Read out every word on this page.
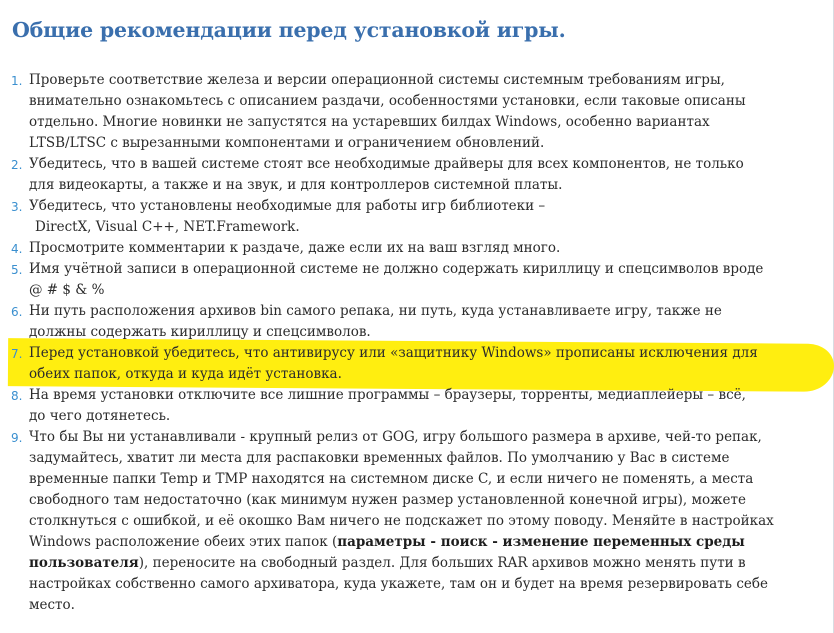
Общие рекомендации перед установкой игры.
1. Проверьте соответствие железа и версии операционной системы системным требованиям игры,
внимательно ознакомьтесь с описанием раздачи, особенностями установки, если таковые описаны
отдельно. Многие новинки не запустятся на устаревших билдах Windows, особенно вариантах
LTSB/LTSC с вырезанными компонентами и ограничением обновлений.
2. Убедитесь, что в вашей системе стоят все необходимые драйверы для всех компонентов, не только
для видеокарты, а также и на звук, и для контроллеров системной платы.
3. Убедитесь, что установлены необходимые для работы игр библиотеки –
DirectX, Visual C++, NET.Framework.
4. Просмотрите комментарии к раздаче, даже если их на ваш взгляд много.
5. Имя учётной записи в операционной системе не должно содержать кириллицу и спецсимволов вроде
@ # $ & %
6. Ни путь расположения архивов bin самого репака, ни путь, куда устанавливаете игру, также не
должны содержать кириллицу и спецсимволов.
7. Перед установкой убедитесь, что антивирусу или «защитнику Windows» прописаны исключения для
обеих папок, откуда и куда идёт установка.
8. На время установки отключите все лишние программы – браузеры, торренты, медиаплейеры – всё,
до чего дотянетесь.
9. Что бы Вы ни устанавливали - крупный релиз от GOG, игру большого размера в архиве, чей-то репак,
задумайтесь, хватит ли места для распаковки временных файлов. По умолчанию у Вас в системе
временные папки Temp и TMP находятся на системном диске C, и если ничего не поменять, а места
свободного там недостаточно (как минимум нужен размер установленной конечной игры), можете
столкнуться с ошибкой, и её окошко Вам ничего не подскажет по этому поводу. Меняйте в настройках
Windows расположение обеих этих папок (параметры - поиск - изменение переменных среды
пользователя), переносите на свободный раздел. Для больших RAR архивов можно менять пути в
настройках собственно самого архиватора, куда укажете, там он и будет на время резервировать себе
место.
